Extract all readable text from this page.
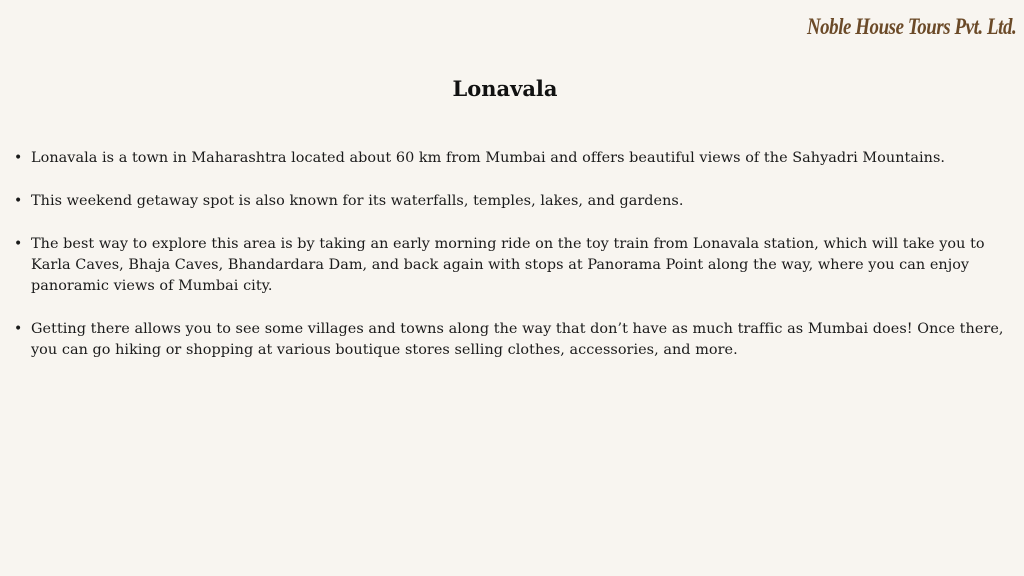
Noble House Tours Pvt. Ltd.
Lonavala
• Lonavala is a town in Maharashtra located about 60 km from Mumbai and offers beautiful views of the Sahyadri Mountains.
• This weekend getaway spot is also known for its waterfalls, temples, lakes, and gardens.
• The best way to explore this area is by taking an early morning ride on the toy train from Lonavala station, which will take you to Karla Caves, Bhaja Caves, Bhandardara Dam, and back again with stops at Panorama Point along the way, where you can enjoy panoramic views of Mumbai city.
• Getting there allows you to see some villages and towns along the way that don’t have as much traffic as Mumbai does! Once there, you can go hiking or shopping at various boutique stores selling clothes, accessories, and more.
